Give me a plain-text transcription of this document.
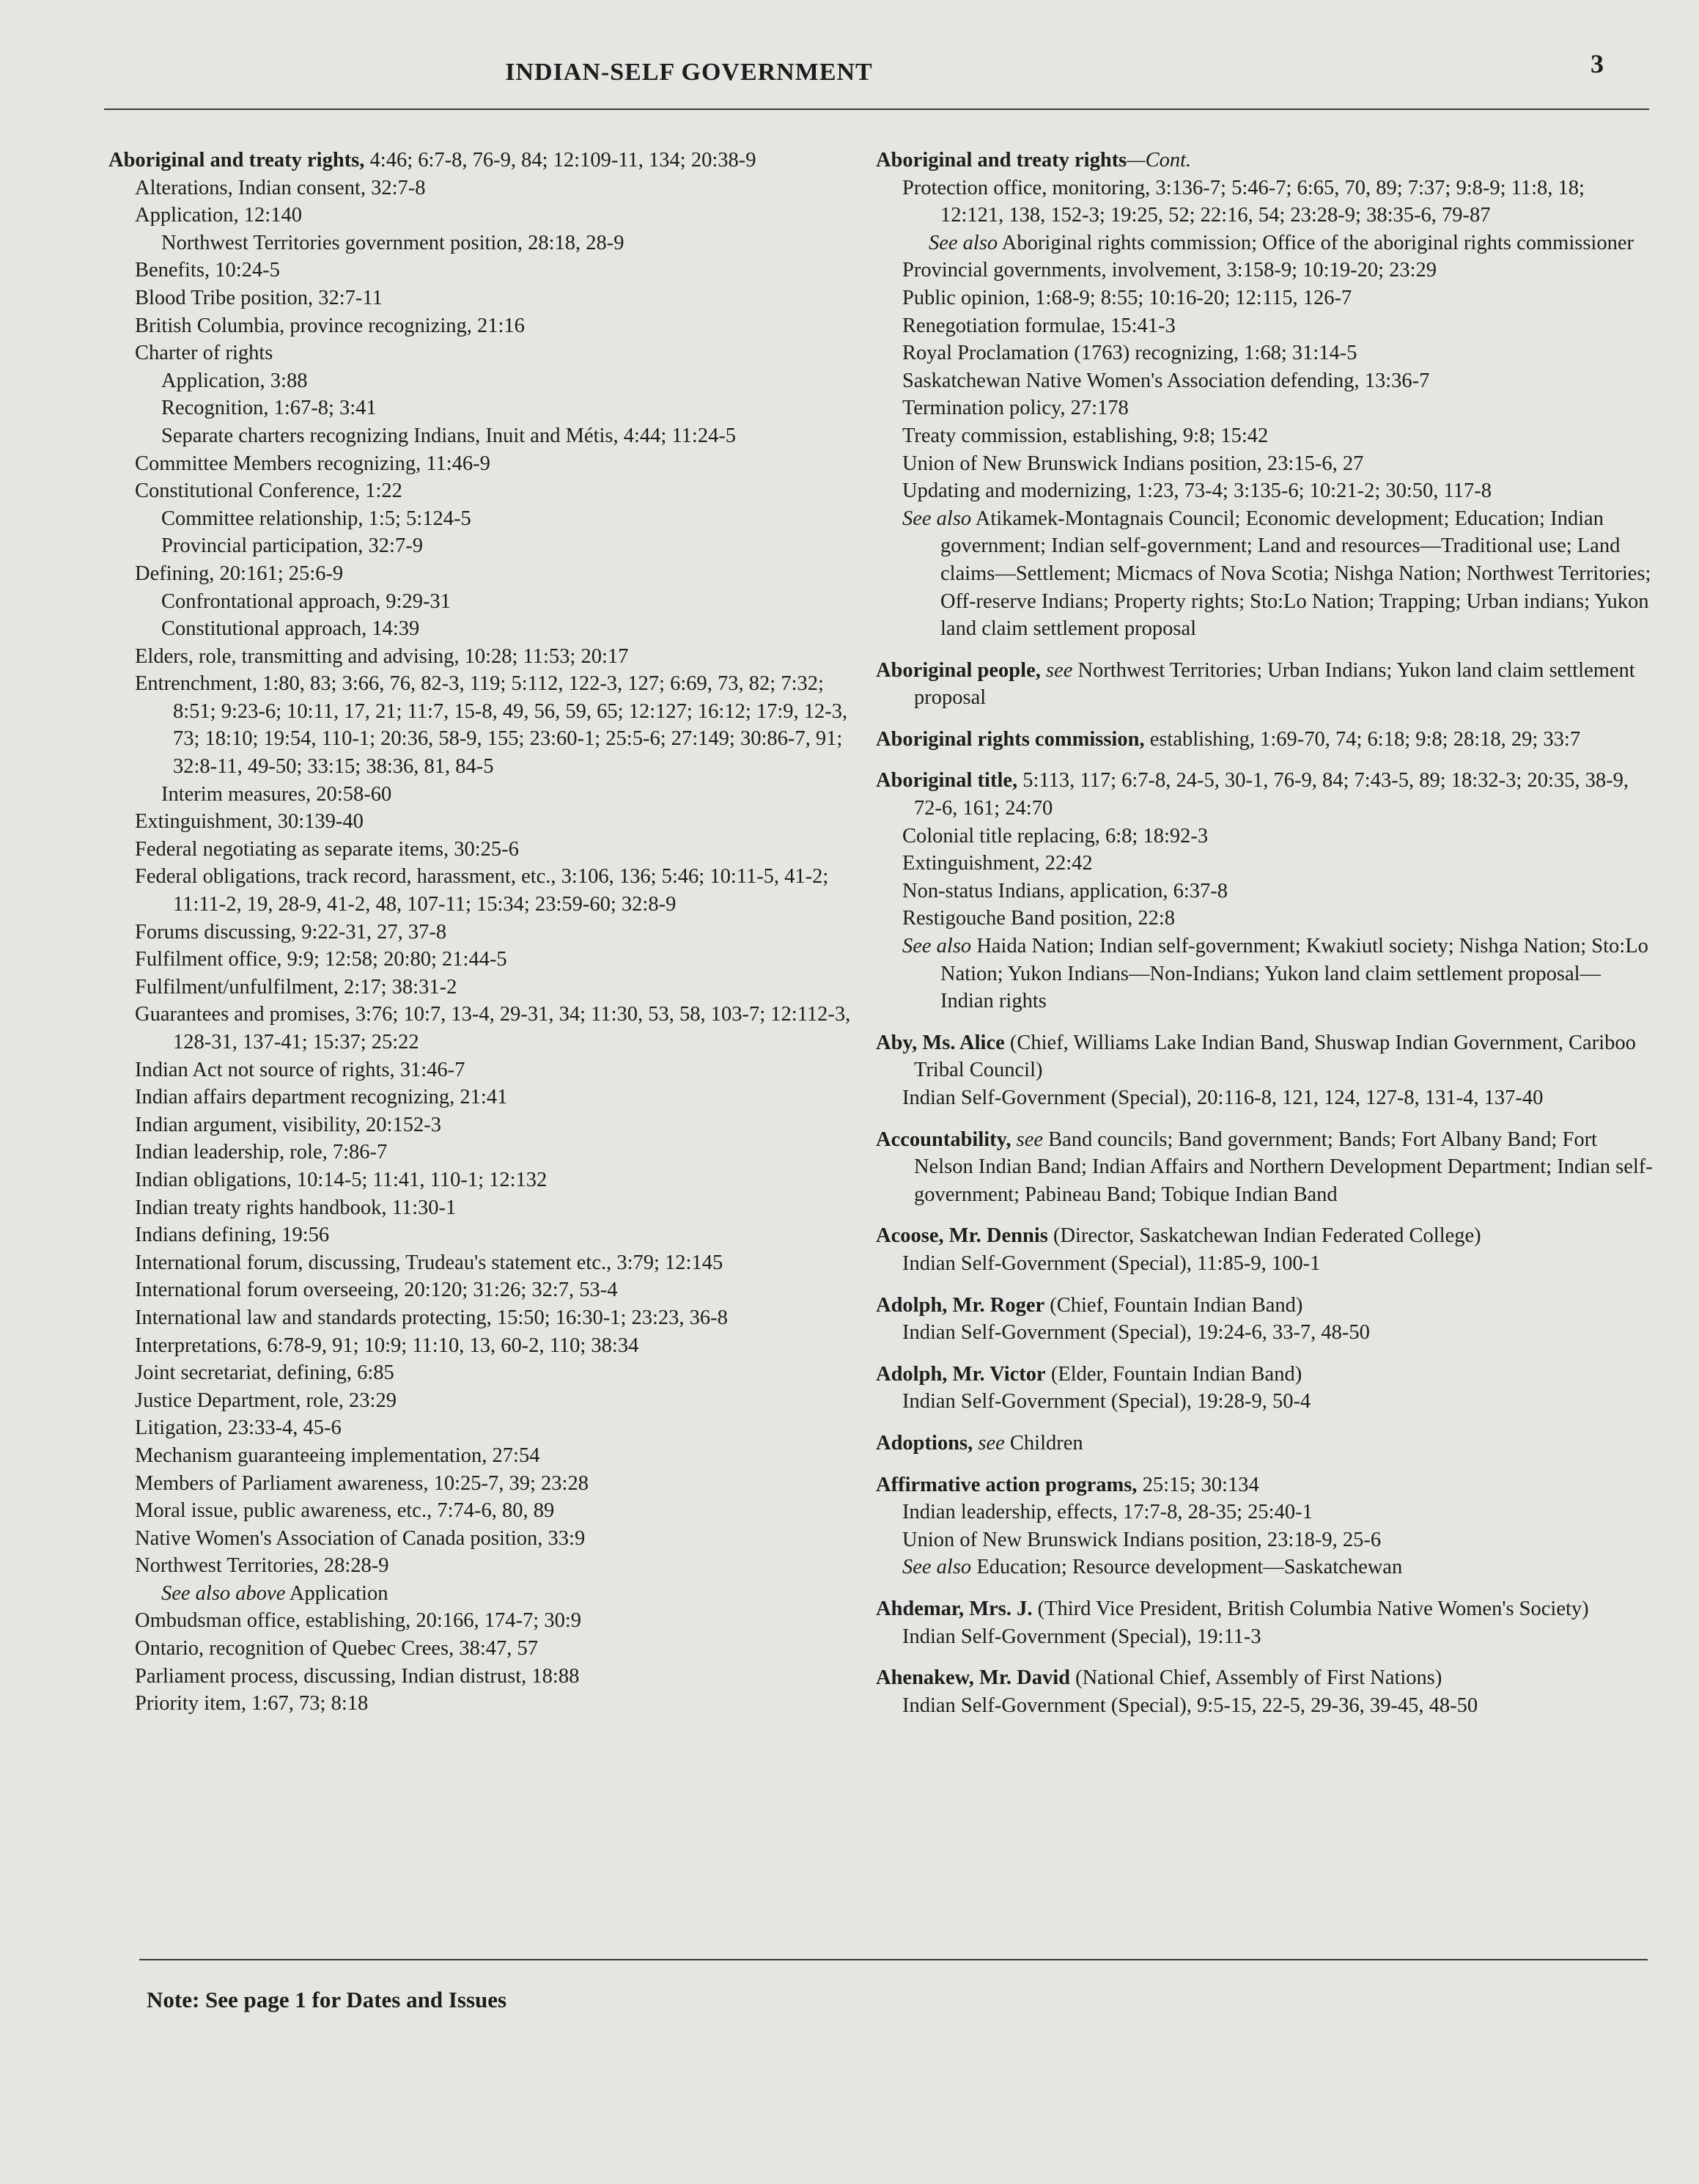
INDIAN-SELF GOVERNMENT	3
Aboriginal and treaty rights, 4:46; 6:7-8, 76-9, 84; 12:109-11, 134; 20:38-9
Alterations, Indian consent, 32:7-8
Application, 12:140
Northwest Territories government position, 28:18, 28-9
Benefits, 10:24-5
Blood Tribe position, 32:7-11
British Columbia, province recognizing, 21:16
Charter of rights
Application, 3:88
Recognition, 1:67-8; 3:41
Separate charters recognizing Indians, Inuit and Métis, 4:44; 11:24-5
Committee Members recognizing, 11:46-9
Constitutional Conference, 1:22
Committee relationship, 1:5; 5:124-5
Provincial participation, 32:7-9
Defining, 20:161; 25:6-9
Confrontational approach, 9:29-31
Constitutional approach, 14:39
Elders, role, transmitting and advising, 10:28; 11:53; 20:17
Entrenchment, 1:80, 83; 3:66, 76, 82-3, 119; 5:112, 122-3, 127; 6:69, 73, 82; 7:32; 8:51; 9:23-6; 10:11, 17, 21; 11:7, 15-8, 49, 56, 59, 65; 12:127; 16:12; 17:9, 12-3, 73; 18:10; 19:54, 110-1; 20:36, 58-9, 155; 23:60-1; 25:5-6; 27:149; 30:86-7, 91; 32:8-11, 49-50; 33:15; 38:36, 81, 84-5
Interim measures, 20:58-60
Extinguishment, 30:139-40
Federal negotiating as separate items, 30:25-6
Federal obligations, track record, harassment, etc., 3:106, 136; 5:46; 10:11-5, 41-2; 11:11-2, 19, 28-9, 41-2, 48, 107-11; 15:34; 23:59-60; 32:8-9
Forums discussing, 9:22-31, 27, 37-8
Fulfilment office, 9:9; 12:58; 20:80; 21:44-5
Fulfilment/unfulfilment, 2:17; 38:31-2
Guarantees and promises, 3:76; 10:7, 13-4, 29-31, 34; 11:30, 53, 58, 103-7; 12:112-3, 128-31, 137-41; 15:37; 25:22
Indian Act not source of rights, 31:46-7
Indian affairs department recognizing, 21:41
Indian argument, visibility, 20:152-3
Indian leadership, role, 7:86-7
Indian obligations, 10:14-5; 11:41, 110-1; 12:132
Indian treaty rights handbook, 11:30-1
Indians defining, 19:56
International forum, discussing, Trudeau's statement etc., 3:79; 12:145
International forum overseeing, 20:120; 31:26; 32:7, 53-4
International law and standards protecting, 15:50; 16:30-1; 23:23, 36-8
Interpretations, 6:78-9, 91; 10:9; 11:10, 13, 60-2, 110; 38:34
Joint secretariat, defining, 6:85
Justice Department, role, 23:29
Litigation, 23:33-4, 45-6
Mechanism guaranteeing implementation, 27:54
Members of Parliament awareness, 10:25-7, 39; 23:28
Moral issue, public awareness, etc., 7:74-6, 80, 89
Native Women's Association of Canada position, 33:9
Northwest Territories, 28:28-9
See also above Application
Ombudsman office, establishing, 20:166, 174-7; 30:9
Ontario, recognition of Quebec Crees, 38:47, 57
Parliament process, discussing, Indian distrust, 18:88
Priority item, 1:67, 73; 8:18
Aboriginal and treaty rights—Cont.
Protection office, monitoring, 3:136-7; 5:46-7; 6:65, 70, 89; 7:37; 9:8-9; 11:8, 18; 12:121, 138, 152-3; 19:25, 52; 22:16, 54; 23:28-9; 38:35-6, 79-87
See also Aboriginal rights commission; Office of the aboriginal rights commissioner
Provincial governments, involvement, 3:158-9; 10:19-20; 23:29
Public opinion, 1:68-9; 8:55; 10:16-20; 12:115, 126-7
Renegotiation formulae, 15:41-3
Royal Proclamation (1763) recognizing, 1:68; 31:14-5
Saskatchewan Native Women's Association defending, 13:36-7
Termination policy, 27:178
Treaty commission, establishing, 9:8; 15:42
Union of New Brunswick Indians position, 23:15-6, 27
Updating and modernizing, 1:23, 73-4; 3:135-6; 10:21-2; 30:50, 117-8
See also Atikamek-Montagnais Council; Economic development; Education; Indian government; Indian self-government; Land and resources—Traditional use; Land claims—Settlement; Micmacs of Nova Scotia; Nishga Nation; Northwest Territories; Off-reserve Indians; Property rights; Sto:Lo Nation; Trapping; Urban indians; Yukon land claim settlement proposal
Aboriginal people, see Northwest Territories; Urban Indians; Yukon land claim settlement proposal
Aboriginal rights commission, establishing, 1:69-70, 74; 6:18; 9:8; 28:18, 29; 33:7
Aboriginal title, 5:113, 117; 6:7-8, 24-5, 30-1, 76-9, 84; 7:43-5, 89; 18:32-3; 20:35, 38-9, 72-6, 161; 24:70
Colonial title replacing, 6:8; 18:92-3
Extinguishment, 22:42
Non-status Indians, application, 6:37-8
Restigouche Band position, 22:8
See also Haida Nation; Indian self-government; Kwakiutl society; Nishga Nation; Sto:Lo Nation; Yukon Indians—Non-Indians; Yukon land claim settlement proposal—Indian rights
Aby, Ms. Alice (Chief, Williams Lake Indian Band, Shuswap Indian Government, Cariboo Tribal Council)
Indian Self-Government (Special), 20:116-8, 121, 124, 127-8, 131-4, 137-40
Accountability, see Band councils; Band government; Bands; Fort Albany Band; Fort Nelson Indian Band; Indian Affairs and Northern Development Department; Indian self-government; Pabineau Band; Tobique Indian Band
Acoose, Mr. Dennis (Director, Saskatchewan Indian Federated College)
Indian Self-Government (Special), 11:85-9, 100-1
Adolph, Mr. Roger (Chief, Fountain Indian Band)
Indian Self-Government (Special), 19:24-6, 33-7, 48-50
Adolph, Mr. Victor (Elder, Fountain Indian Band)
Indian Self-Government (Special), 19:28-9, 50-4
Adoptions, see Children
Affirmative action programs, 25:15; 30:134
Indian leadership, effects, 17:7-8, 28-35; 25:40-1
Union of New Brunswick Indians position, 23:18-9, 25-6
See also Education; Resource development—Saskatchewan
Ahdemar, Mrs. J. (Third Vice President, British Columbia Native Women's Society)
Indian Self-Government (Special), 19:11-3
Ahenakew, Mr. David (National Chief, Assembly of First Nations)
Indian Self-Government (Special), 9:5-15, 22-5, 29-36, 39-45, 48-50
Note: See page 1 for Dates and Issues
